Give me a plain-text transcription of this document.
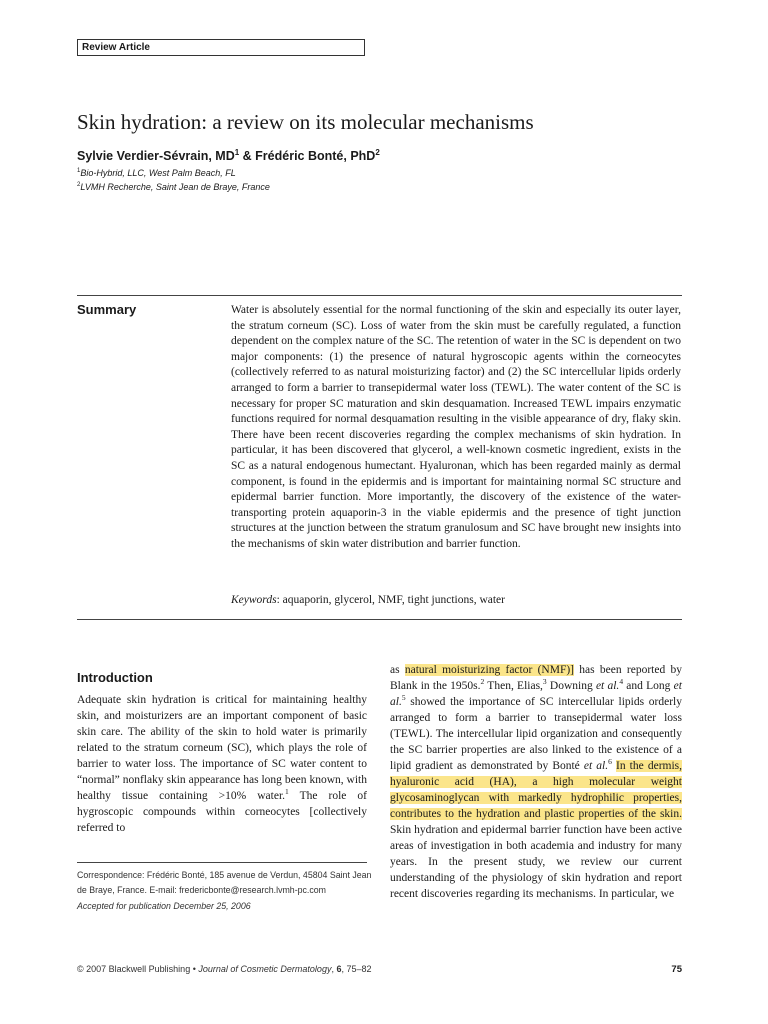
Review Article
Skin hydration: a review on its molecular mechanisms
Sylvie Verdier-Sévrain, $MD^1$ & Frédéric Bonté, PhD$^2$
$^1$Bio-Hybrid, LLC, West Palm Beach, FL
$^2$LVMH Recherche, Saint Jean de Braye, France
Summary	Water is absolutely essential for the normal functioning of the skin and especially its outer layer, the stratum corneum (SC). Loss of water from the skin must be carefully regulated, a function dependent on the complex nature of the SC. The retention of water in the SC is dependent on two major components: (1) the presence of natural hygroscopic agents within the corneocytes (collectively referred to as natural moisturizing factor) and (2) the SC intercellular lipids orderly arranged to form a barrier to transepidermal water loss (TEWL). The water content of the SC is necessary for proper SC maturation and skin desquamation. Increased TEWL impairs enzymatic functions required for normal desquamation resulting in the visible appearance of dry, flaky skin. There have been recent discoveries regarding the complex mechanisms of skin hydration. In particular, it has been discovered that glycerol, a well-known cosmetic ingredient, exists in the SC as a natural endogenous humectant. Hyaluronan, which has been regarded mainly as dermal component, is found in the epidermis and is important for maintaining normal SC structure and epidermal barrier function. More importantly, the discovery of the existence of the water-transporting protein aquaporin-3 in the viable epidermis and the presence of tight junction structures at the junction between the stratum granulosum and SC have brought new insights into the mechanisms of skin water distribution and barrier function.
Keywords: aquaporin, glycerol, NMF, tight junctions, water
Introduction
Adequate skin hydration is critical for maintaining healthy skin, and moisturizers are an important component of basic skin care. The ability of the skin to hold water is primarily related to the stratum corneum (SC), which plays the role of barrier to water loss. The importance of SC water content to “normal” nonflaky skin appearance has long been known, with healthy tissue containing >10% water.$^1$ The role of hygroscopic compounds within corneocytes [collectively referred to
as natural moisturizing factor (NMF)] has been reported by Blank in the 1950s.$^2$ Then, Elias,$^3$ Downing et al.$^4$ and Long et al.$^5$ showed the importance of SC intercellular lipids orderly arranged to form a barrier to transepidermal water loss (TEWL). The intercellular lipid organization and consequently the SC barrier properties are also linked to the existence of a lipid gradient as demonstrated by Bonté et al.$^6$ In the dermis, hyaluronic acid (HA), a high molecular weight glycosaminoglycan with markedly hydrophilic properties, contributes to the hydration and plastic properties of the skin. Skin hydration and epidermal barrier function have been active areas of investigation in both academia and industry for many years. In the present study, we review our current understanding of the physiology of skin hydration and report recent discoveries regarding its mechanisms. In particular, we
Correspondence: Frédéric Bonté, 185 avenue de Verdun, 45804 Saint Jean de Braye, France. E-mail: fredericbonte@research.lvmh-pc.com
Accepted for publication December 25, 2006
© 2007 Blackwell Publishing • Journal of Cosmetic Dermatology, 6, 75–82	75
